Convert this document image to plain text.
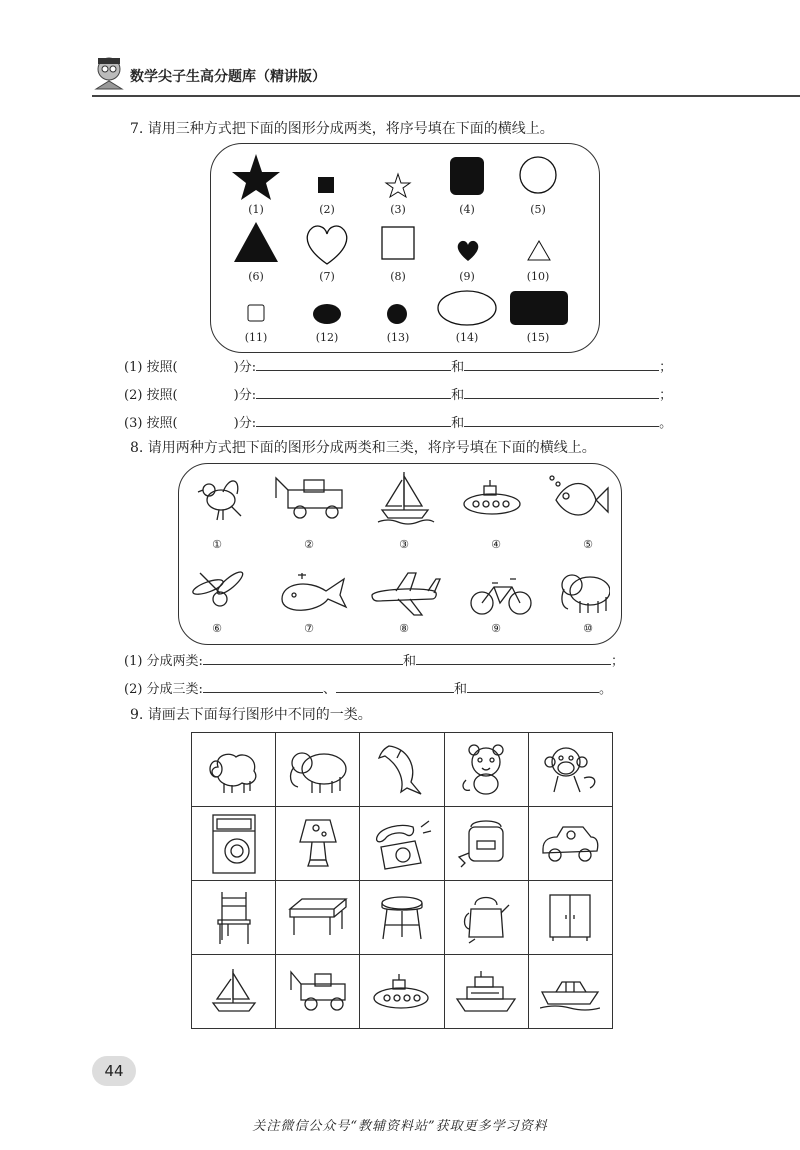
数学尖子生高分题库（精讲版）
7. 请用三种方式把下面的图形分成两类，将序号填在下面的横线上。
(1)	(2)	(3)	(4)	(5)
(6)	(7)	(8)	(9)	(10)
(11)	(12)	(13)	(14)	(15)
(1) 按照(	)分:	和	；
(2) 按照(	)分:	和	；
(3) 按照(	)分:	和	。
8. 请用两种方式把下面的图形分成两类和三类，将序号填在下面的横线上。
①	②	③	④	⑤
⑥	⑦	⑧	⑨	⑩
(1) 分成两类:	和	；
(2) 分成三类:	、	和	。
9. 请画去下面每行图形中不同的一类。

44
关注微信公众号“教辅资料站”获取更多学习资料
